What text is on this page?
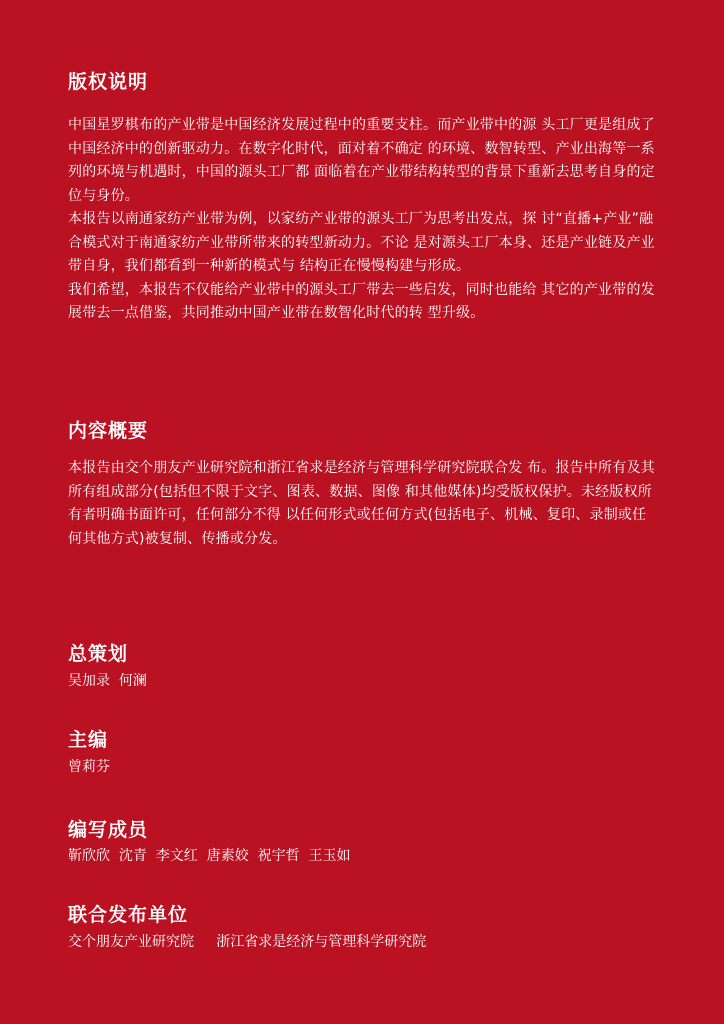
版权说明

中国星罗棋布的产业带是中国经济发展过程中的重要支柱。而产业带中的源 头工厂更是组成了中国经济中的创新驱动力。在数字化时代，面对着不确定 的环境、数智转型、产业出海等一系列的环境与机遇时，中国的源头工厂都 面临着在产业带结构转型的背景下重新去思考自身的定位与身份。

本报告以南通家纺产业带为例，以家纺产业带的源头工厂为思考出发点，探 讨“直播+产业”融合模式对于南通家纺产业带所带来的转型新动力。不论 是对源头工厂本身、还是产业链及产业带自身，我们都看到一种新的模式与 结构正在慢慢构建与形成。

我们希望，本报告不仅能给产业带中的源头工厂带去一些启发，同时也能给 其它的产业带的发展带去一点借鉴，共同推动中国产业带在数智化时代的转 型升级。

内容概要

本报告由交个朋友产业研究院和浙江省求是经济与管理科学研究院联合发 布。报告中所有及其所有组成部分(包括但不限于文字、图表、数据、图像 和其他媒体)均受版权保护。未经版权所有者明确书面许可，任何部分不得 以任何形式或任何方式(包括电子、机械、复印、录制或任何其他方式)被复制、传播或分发。

总策划
吴加录  何澜
主编
曾莉芬
编写成员
靳欣欣  沈青  李文红  唐素姣  祝宇哲  王玉如
联合发布单位
交个朋友产业研究院     浙江省求是经济与管理科学研究院
